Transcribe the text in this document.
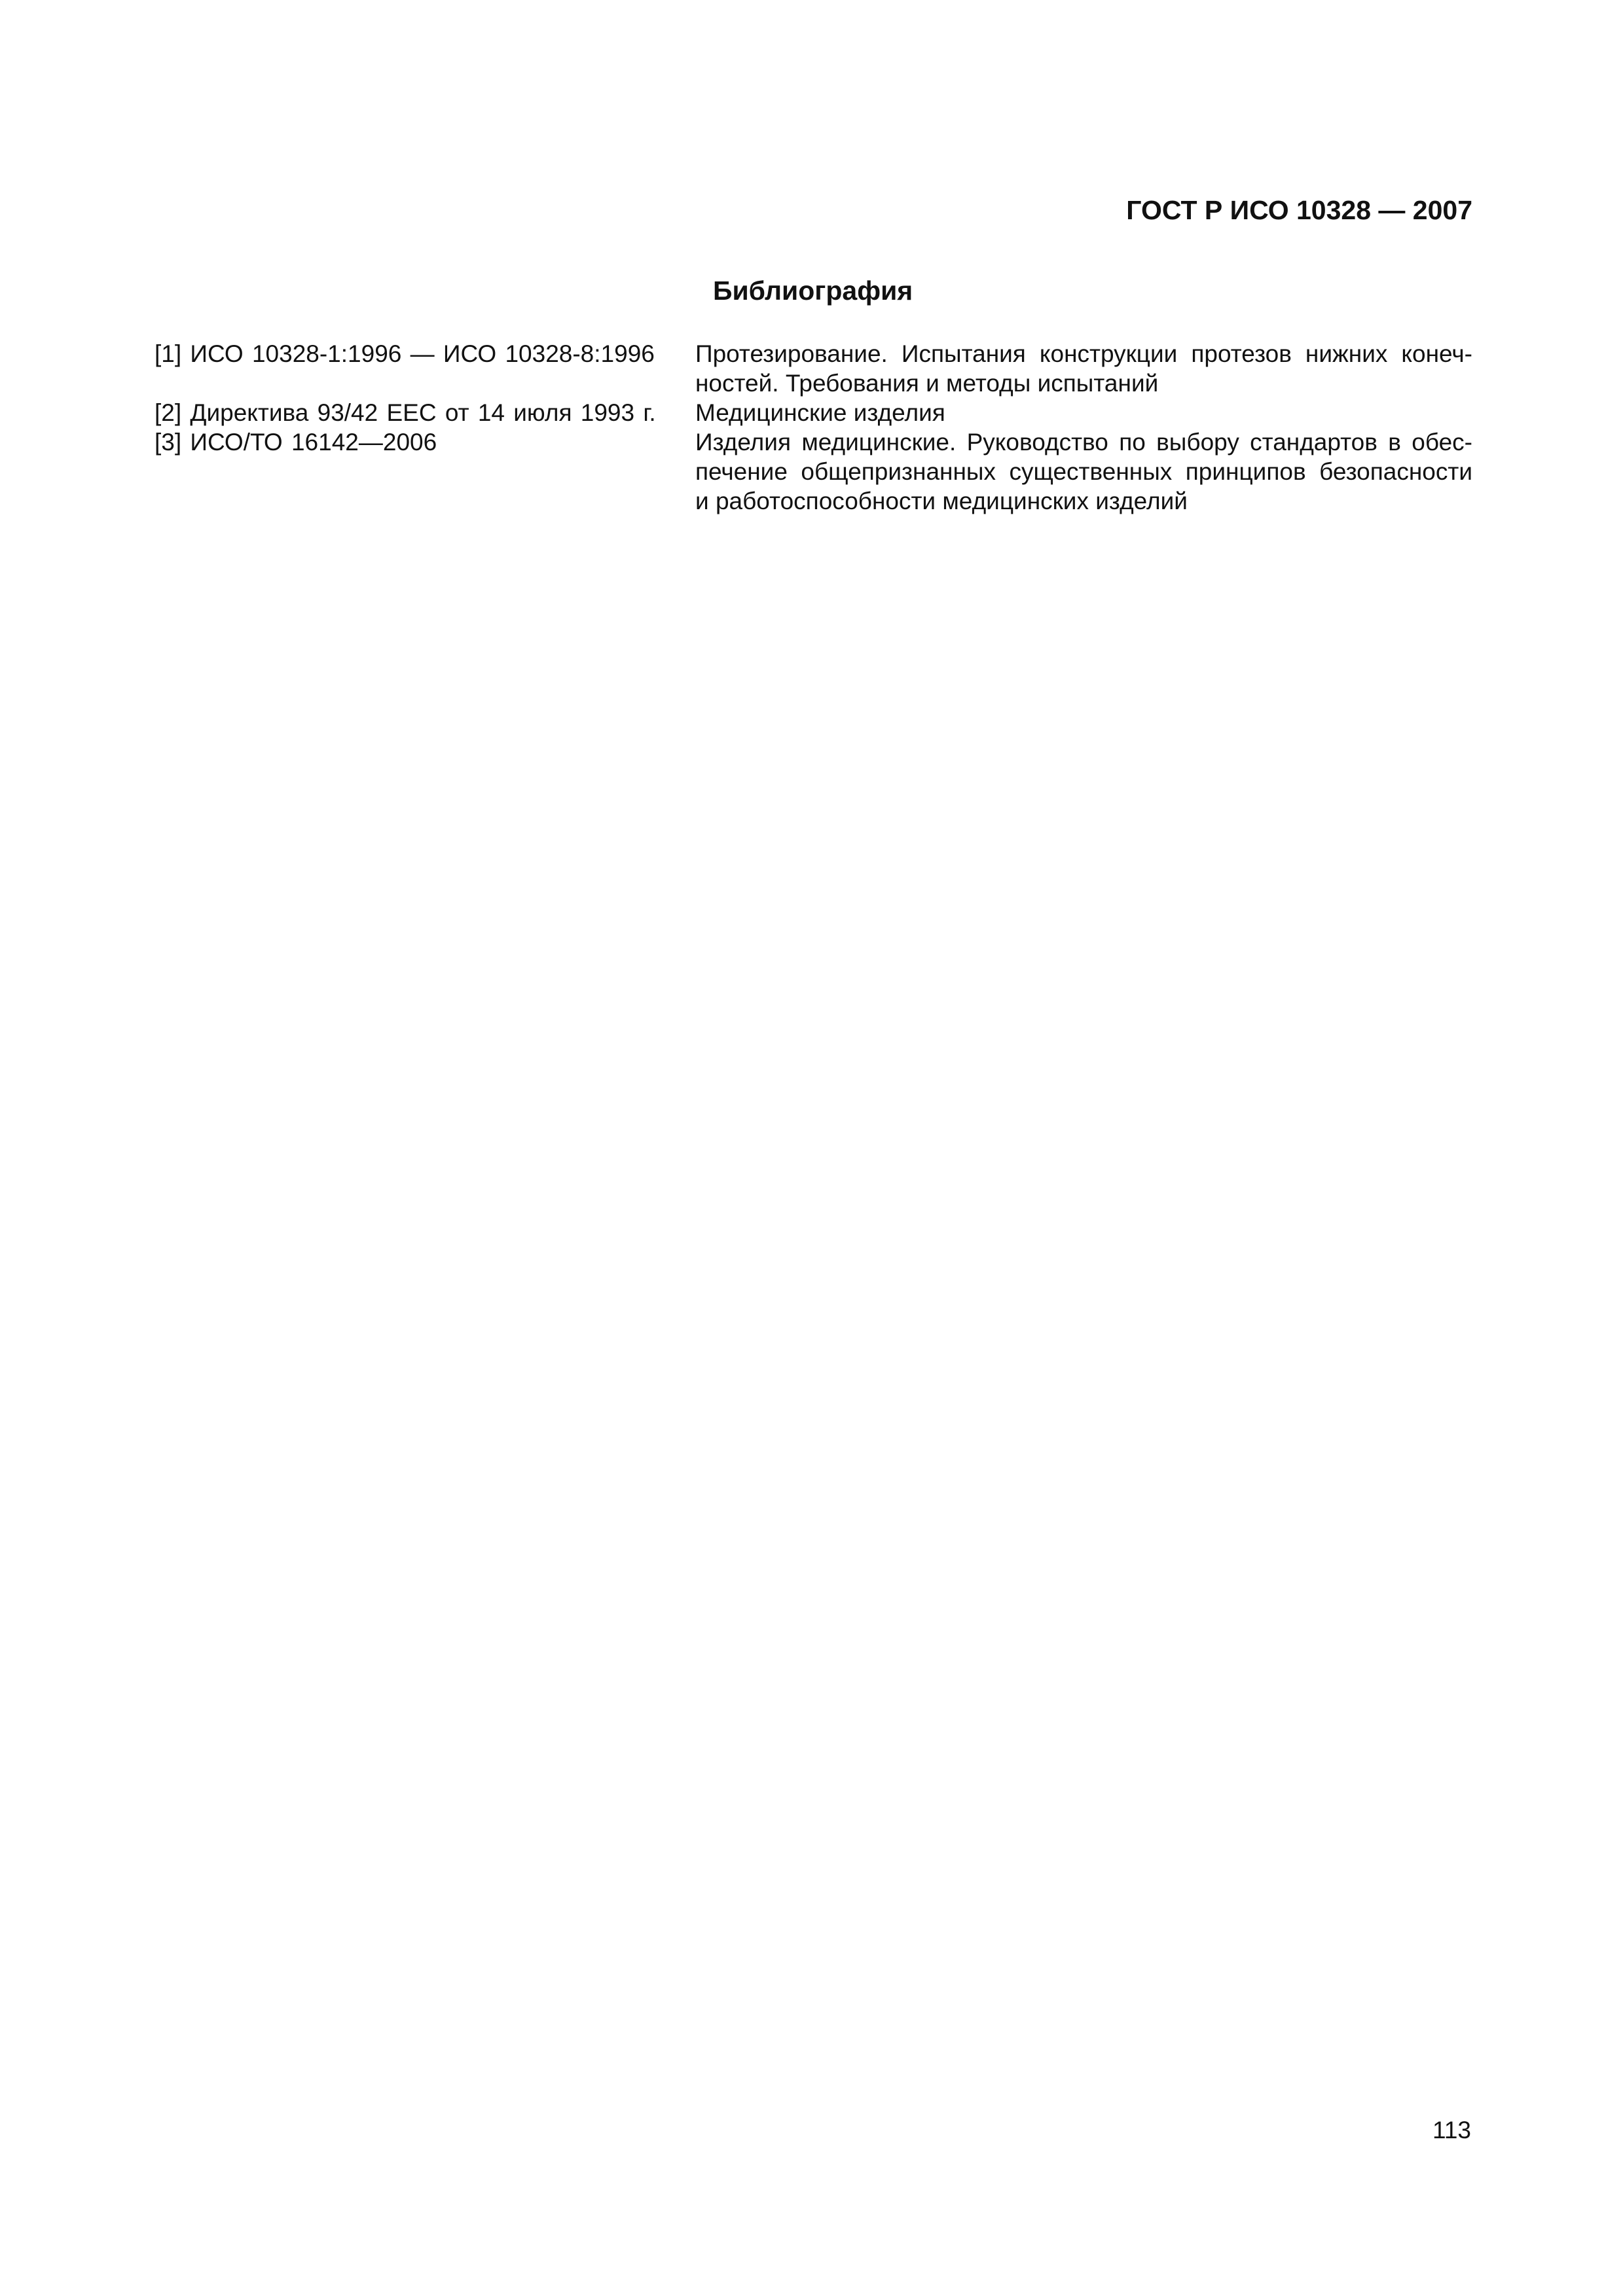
ГОСТ Р ИСО 10328 — 2007
Библиография
[1] ИСО 10328-1:1996 — ИСО 10328-8:1996	Протезирование. Испытания конструкции протезов нижних конеч-
ностей. Требования и методы испытаний
[2] Директива 93/42 ЕЕС от 14 июля 1993 г.	Медицинские изделия
[3] ИСО/ТО 16142—2006	Изделия медицинские. Руководство по выбору стандартов в обес-
печение общепризнанных существенных принципов безопасности
и работоспособности медицинских изделий
113
